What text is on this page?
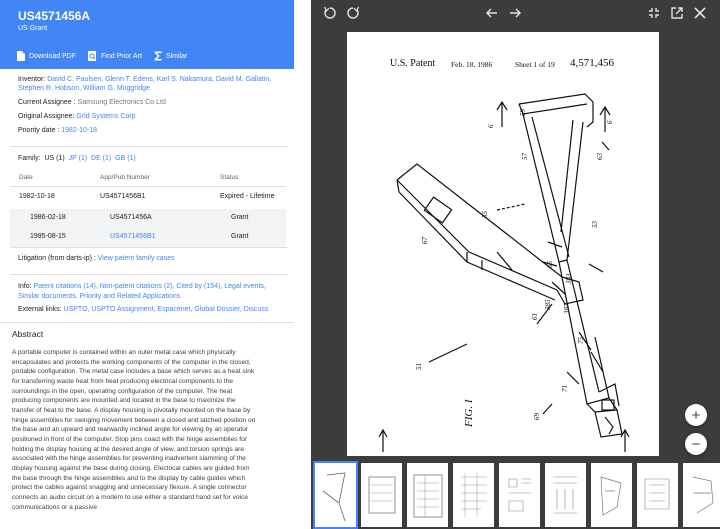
US4571456A
US Grant
Download PDF	Find Prior Art	Similar
Inventor: David C. Paulsen, Glenn T. Edens, Karl S. Nakamura, David M. Gallatin, Stephen R. Hobson, William G. Moggridge
Current Assignee : Samsung Electronics Co Ltd
Original Assignee: Grid Systems Corp
Priority date : 1982-10-18
Family: US (1) JP (1) DE (1) GB (1)
Date	App/Pub Number	Status
1982-10-18	US4571456B1	Expired - Lifetime
1986-02-18	US4571456A	Grant
1995-08-15	US4571456B1	Grant
Litigation (from darts-ip) : View patent family cases
Info: Patent citations (14), Non-patent citations (2), Cited by (154), Legal events, Similar documents, Priority and Related Applications
External links: USPTO, USPTO Assignment, Espacenet, Global Dossier, Discuss
Abstract
A portable computer is contained within an outer metal case which physically encapsulates and protects the working components of the computer in the closed, portable configuration. The metal case includes a base which serves as a heat sink for transferring waste heat from heat producing electrical components to the surroundings in the open, operating configuration of the computer. The heat producing components are mounted and located in the base to maximize the transfer of heat to the base. A display housing is pivotally mounted on the base by hinge assemblies for swinging movement between a closed and latched position on the base and an upward and rearwardly inclined angle for viewing by an operator positioned in front of the computer. Stop pins coact with the hinge assemblies for holding the display housing at the desired angle of view, and torsion springs are associated with the hinge assemblies for preventing inadvertent slamming of the display housing against the base during closing. Electrical cables are guided from the base through the hinge assemblies and to the display by cable guides which protect the cables against snagging and unnecessary flexure. A single connector connects an audio circuit on a modem to use either a standard hand set for voice communications or a passive
U.S. Patent Feb. 18, 1986	Sheet 1 of 19 4,571,456
6
6
59
57	63
55
67
53
65
383
385
61
387
75
51
71
69
FIG. I	+
−
